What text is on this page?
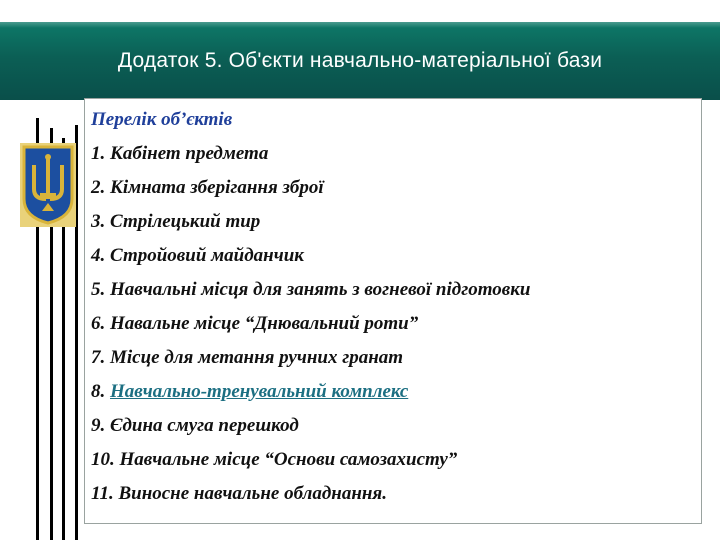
Додаток 5. Об'єкти навчально-матеріальної бази
Перелік об’єктів
1. Кабінет предмета
2. Кімната зберігання зброї
3. Стрілецький тир
4. Стройовий майданчик
5. Навчальні місця для занять з вогневої підготовки
6. Навальне місце “Днювальний роти”
7. Місце для метання ручних гранат
8. Навчально-тренувальний комплекс
9. Єдина смуга перешкод
10. Навчальне місце “Основи самозахисту”
11. Виносне навчальне обладнання.
